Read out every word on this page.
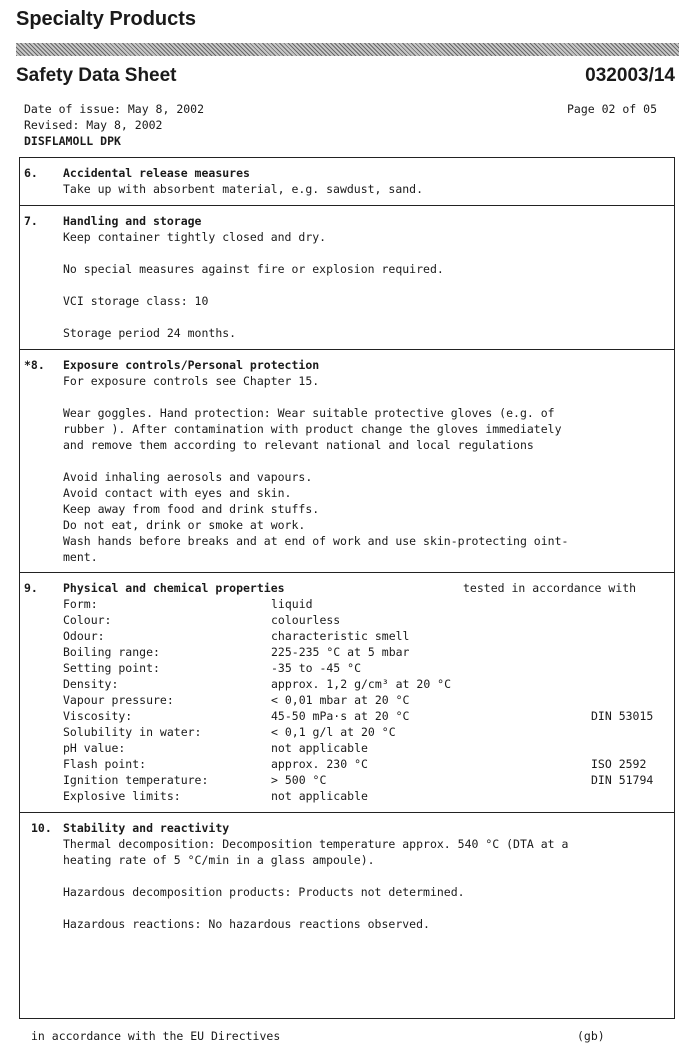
Specialty Products
Safety Data Sheet	032003/14
Date of issue: May 8, 2002
Revised: May 8, 2002
DISFLAMOLL DPK
Page 02 of 05
6. Accidental release measures
Take up with absorbent material, e.g. sawdust, sand.
7. Handling and storage
Keep container tightly closed and dry.
No special measures against fire or explosion required.
VCI storage class: 10
Storage period 24 months.
*8. Exposure controls/Personal protection
For exposure controls see Chapter 15.
Wear goggles. Hand protection: Wear suitable protective gloves (e.g. of
rubber ). After contamination with product change the gloves immediately
and remove them according to relevant national and local regulations
Avoid inhaling aerosols and vapours.
Avoid contact with eyes and skin.
Keep away from food and drink stuffs.
Do not eat, drink or smoke at work.
Wash hands before breaks and at end of work and use skin-protecting oint-
ment.
9. Physical and chemical properties	tested in accordance with
Form:	liquid
Colour:	colourless
Odour:	characteristic smell
Boiling range:	225-235 °C at 5 mbar
Setting point:	-35 to -45 °C
Density:	approx. 1,2 g/cm³ at 20 °C
Vapour pressure:	< 0,01 mbar at 20 °C
Viscosity:	45-50 mPa·s at 20 °C	DIN 53015
Solubility in water:	< 0,1 g/l at 20 °C
pH value:	not applicable
Flash point:	approx. 230 °C	ISO 2592
Ignition temperature:	> 500 °C	DIN 51794
Explosive limits:	not applicable
10. Stability and reactivity
Thermal decomposition: Decomposition temperature approx. 540 °C (DTA at a
heating rate of 5 °C/min in a glass ampoule).
Hazardous decomposition products: Products not determined.
Hazardous reactions: No hazardous reactions observed.
in accordance with the EU Directives	(gb)
